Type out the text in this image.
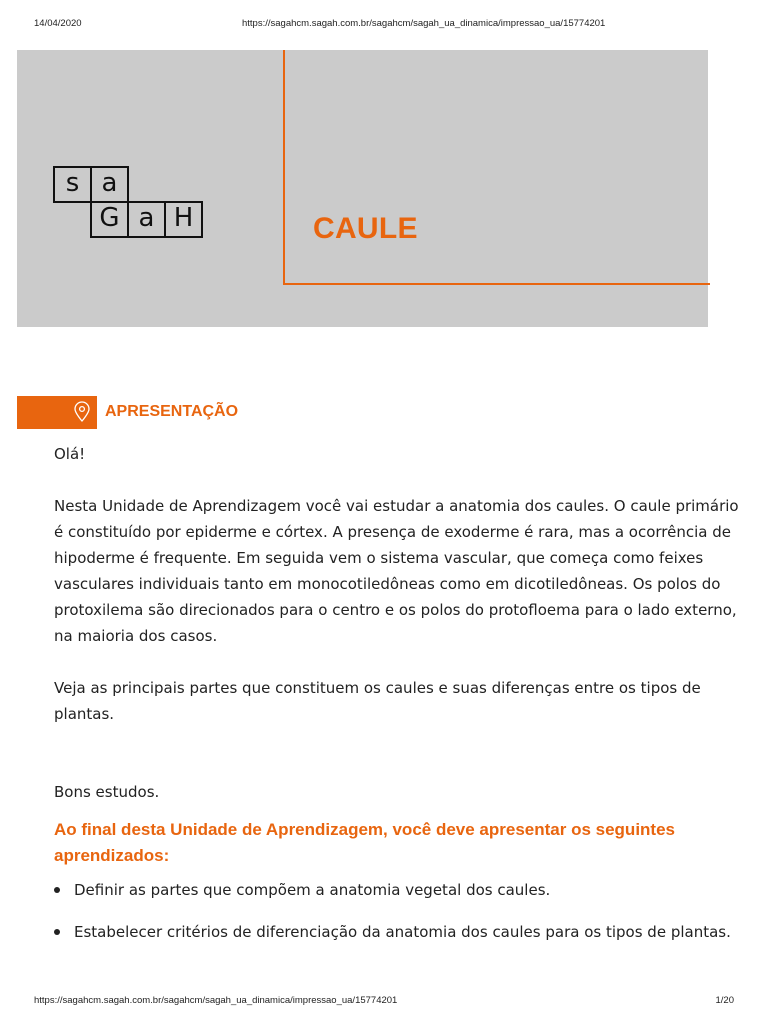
14/04/2020	https://sagahcm.sagah.com.br/sagahcm/sagah_ua_dinamica/impressao_ua/15774201
s a
G a H	CAULE
APRESENTAÇÃO

Olá!

Nesta Unidade de Aprendizagem você vai estudar a anatomia dos caules. O caule primário é constituído por epiderme e córtex. A presença de exoderme é rara, mas a ocorrência de hipoderme é frequente. Em seguida vem o sistema vascular, que começa como feixes vasculares individuais tanto em monocotiledôneas como em dicotiledôneas. Os polos do protoxilema são direcionados para o centro e os polos do protofloema para o lado externo, na maioria dos casos.

Veja as principais partes que constituem os caules e suas diferenças entre os tipos de plantas.

Bons estudos.

Ao final desta Unidade de Aprendizagem, você deve apresentar os seguintes aprendizados:

Definir as partes que compõem a anatomia vegetal dos caules.
Estabelecer critérios de diferenciação da anatomia dos caules para os tipos de plantas.
https://sagahcm.sagah.com.br/sagahcm/sagah_ua_dinamica/impressao_ua/15774201	1/20
